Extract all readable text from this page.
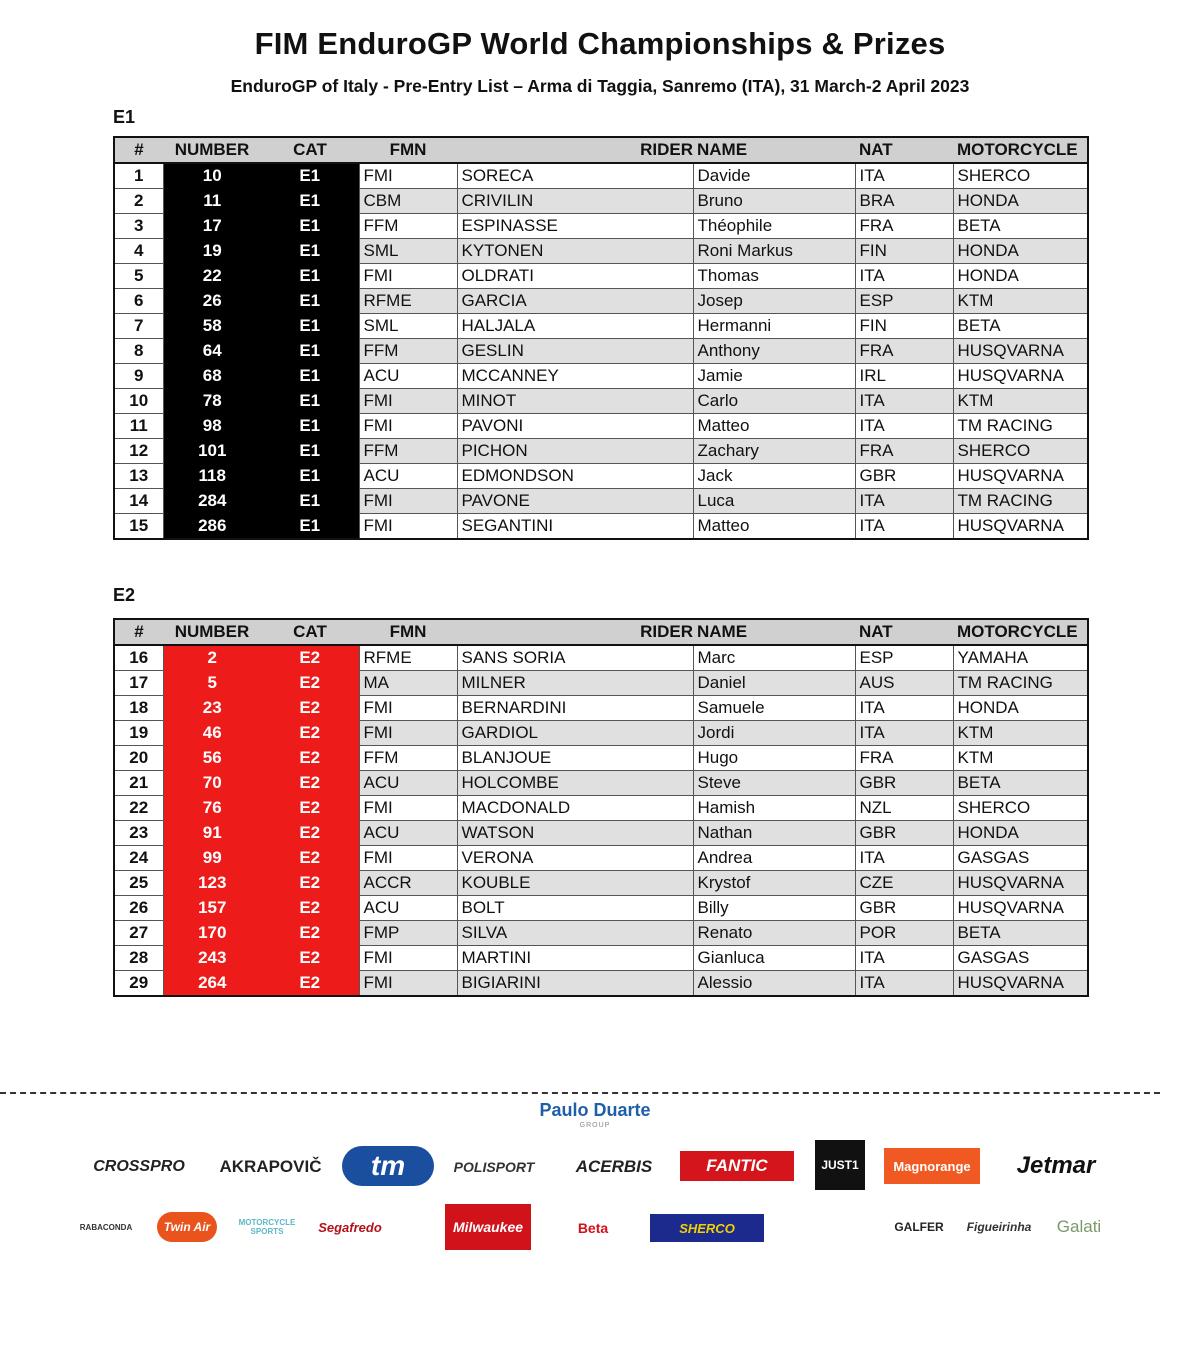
FIM EnduroGP World Championships & Prizes
EnduroGP of Italy - Pre-Entry List – Arma di Taggia, Sanremo (ITA), 31 March-2 April 2023
E1
#	NUMBER	CAT	FMN	RIDER	NAME	NAT	MOTORCYCLE
1	10	E1	FMI	SORECA	Davide	ITA	SHERCO
2	11	E1	CBM	CRIVILIN	Bruno	BRA	HONDA
3	17	E1	FFM	ESPINASSE	Théophile	FRA	BETA
4	19	E1	SML	KYTONEN	Roni Markus	FIN	HONDA
5	22	E1	FMI	OLDRATI	Thomas	ITA	HONDA
6	26	E1	RFME	GARCIA	Josep	ESP	KTM
7	58	E1	SML	HALJALA	Hermanni	FIN	BETA
8	64	E1	FFM	GESLIN	Anthony	FRA	HUSQVARNA
9	68	E1	ACU	MCCANNEY	Jamie	IRL	HUSQVARNA
10	78	E1	FMI	MINOT	Carlo	ITA	KTM
11	98	E1	FMI	PAVONI	Matteo	ITA	TM RACING
12	101	E1	FFM	PICHON	Zachary	FRA	SHERCO
13	118	E1	ACU	EDMONDSON	Jack	GBR	HUSQVARNA
14	284	E1	FMI	PAVONE	Luca	ITA	TM RACING
15	286	E1	FMI	SEGANTINI	Matteo	ITA	HUSQVARNA
E2
#	NUMBER	CAT	FMN	RIDER	NAME	NAT	MOTORCYCLE
16	2	E2	RFME	SANS SORIA	Marc	ESP	YAMAHA
17	5	E2	MA	MILNER	Daniel	AUS	TM RACING
18	23	E2	FMI	BERNARDINI	Samuele	ITA	HONDA
19	46	E2	FMI	GARDIOL	Jordi	ITA	KTM
20	56	E2	FFM	BLANJOUE	Hugo	FRA	KTM
21	70	E2	ACU	HOLCOMBE	Steve	GBR	BETA
22	76	E2	FMI	MACDONALD	Hamish	NZL	SHERCO
23	91	E2	ACU	WATSON	Nathan	GBR	HONDA
24	99	E2	FMI	VERONA	Andrea	ITA	GASGAS
25	123	E2	ACCR	KOUBLE	Krystof	CZE	HUSQVARNA
26	157	E2	ACU	BOLT	Billy	GBR	HUSQVARNA
27	170	E2	FMP	SILVA	Renato	POR	BETA
28	243	E2	FMI	MARTINI	Gianluca	ITA	GASGAS
29	264	E2	FMI	BIGIARINI	Alessio	ITA	HUSQVARNA
Paulo Duarte
GROUP
CROSSPRO	AKRAPOVIČ	tm	POLISPORT	ACERBIS	FANTIC	JUST1	Magnorange	Jetmar
RABACONDA	Twin Air	MOTORCYCLE SPORTS	Segafredo	Milwaukee	Beta	SHERCO	GALFER	Figueirinha	Galati
